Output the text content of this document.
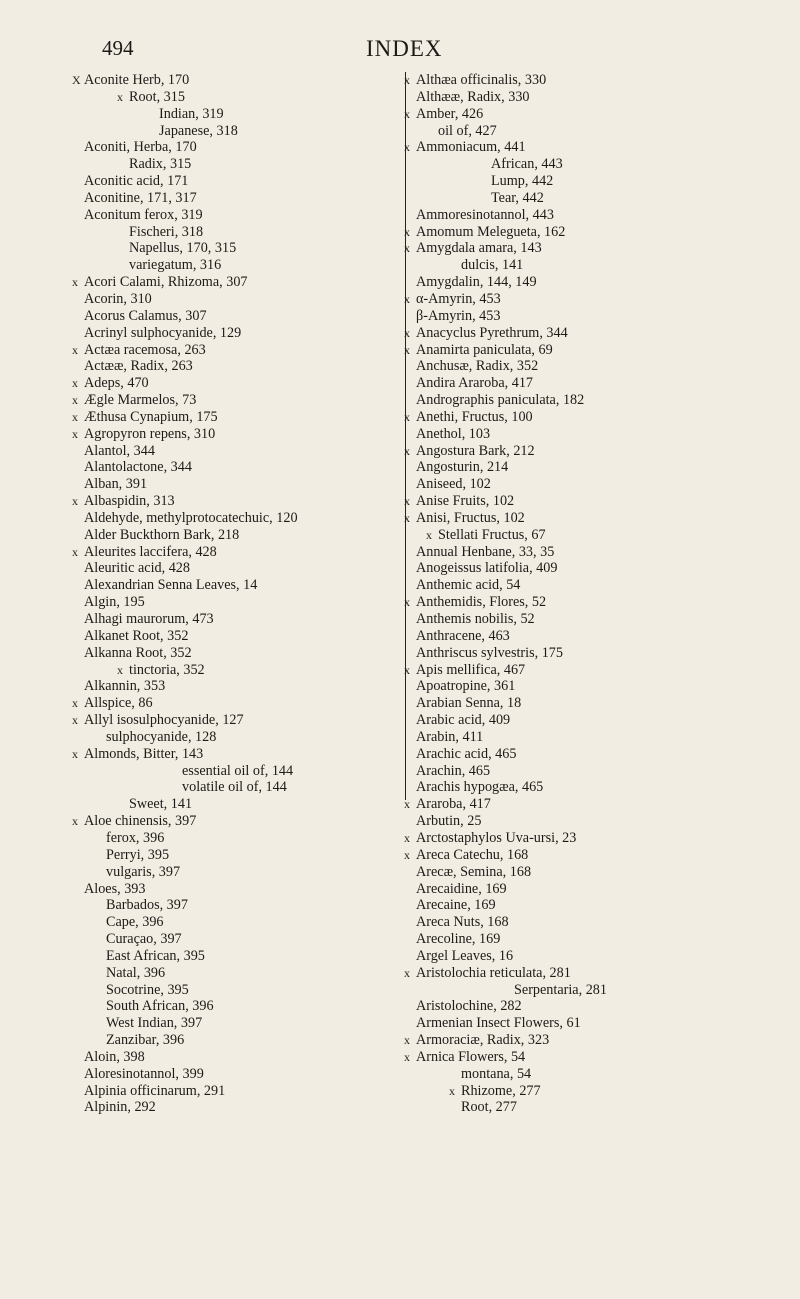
494	INDEX
X Aconite Herb, 170
x Root, 315
Indian, 319
Japanese, 318
Aconiti, Herba, 170
Radix, 315
Aconitic acid, 171
Aconitine, 171, 317
Aconitum ferox, 319
Fischeri, 318
Napellus, 170, 315
variegatum, 316
x Acori Calami, Rhizoma, 307
Acorin, 310
Acorus Calamus, 307
Acrinyl sulphocyanide, 129
x Actæa racemosa, 263
Actææ, Radix, 263
x Adeps, 470
x Ægle Marmelos, 73
x Æthusa Cynapium, 175
x Agropyron repens, 310
Alantol, 344
Alantolactone, 344
Alban, 391
x Albaspidin, 313
Aldehyde, methylprotocatechuic, 120
Alder Buckthorn Bark, 218
x Aleurites laccifera, 428
Aleuritic acid, 428
Alexandrian Senna Leaves, 14
Algin, 195
Alhagi maurorum, 473
Alkanet Root, 352
Alkanna Root, 352
x tinctoria, 352
Alkannin, 353
x Allspice, 86
x Allyl isosulphocyanide, 127
sulphocyanide, 128
x Almonds, Bitter, 143
essential oil of, 144
volatile oil of, 144
Sweet, 141
x Aloe chinensis, 397
ferox, 396
Perryi, 395
vulgaris, 397
Aloes, 393
Barbados, 397
Cape, 396
Curaçao, 397
East African, 395
Natal, 396
Socotrine, 395
South African, 396
West Indian, 397
Zanzibar, 396
Aloin, 398
Aloresinotannol, 399
Alpinia officinarum, 291
Alpinin, 292
x Althæa officinalis, 330
Althææ, Radix, 330
x Amber, 426
oil of, 427
x Ammoniacum, 441
African, 443
Lump, 442
Tear, 442
Ammoresinotannol, 443
x Amomum Melegueta, 162
x Amygdala amara, 143
dulcis, 141
Amygdalin, 144, 149
x α-Amyrin, 453
β-Amyrin, 453
x Anacyclus Pyrethrum, 344
x Anamirta paniculata, 69
Anchusæ, Radix, 352
Andira Araroba, 417
Andrographis paniculata, 182
x Anethi, Fructus, 100
Anethol, 103
x Angostura Bark, 212
Angosturin, 214
Aniseed, 102
x Anise Fruits, 102
x Anisi, Fructus, 102
x Stellati Fructus, 67
Annual Henbane, 33, 35
Anogeissus latifolia, 409
Anthemic acid, 54
x Anthemidis, Flores, 52
Anthemis nobilis, 52
Anthracene, 463
Anthriscus sylvestris, 175
x Apis mellifica, 467
Apoatropine, 361
Arabian Senna, 18
Arabic acid, 409
Arabin, 411
Arachic acid, 465
Arachin, 465
Arachis hypogæa, 465
x Araroba, 417
Arbutin, 25
x Arctostaphylos Uva-ursi, 23
x Areca Catechu, 168
Arecæ, Semina, 168
Arecaidine, 169
Arecaine, 169
Areca Nuts, 168
Arecoline, 169
Argel Leaves, 16
x Aristolochia reticulata, 281
Serpentaria, 281
Aristolochine, 282
Armenian Insect Flowers, 61
x Armoraciæ, Radix, 323
x Arnica Flowers, 54
montana, 54
x Rhizome, 277
Root, 277
